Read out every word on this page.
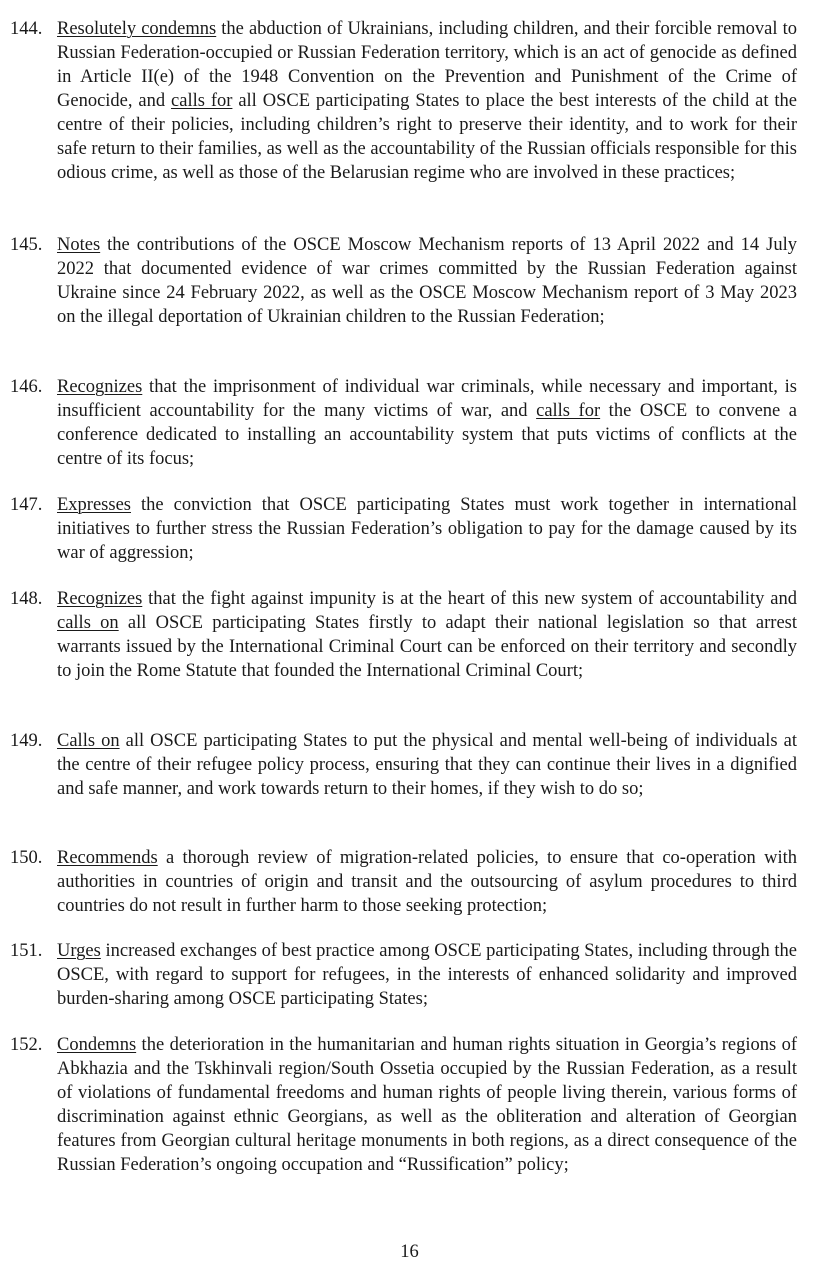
144. Resolutely condemns the abduction of Ukrainians, including children, and their forcible removal to Russian Federation-occupied or Russian Federation territory, which is an act of genocide as defined in Article II(e) of the 1948 Convention on the Prevention and Punishment of the Crime of Genocide, and calls for all OSCE participating States to place the best interests of the child at the centre of their policies, including children’s right to preserve their identity, and to work for their safe return to their families, as well as the accountability of the Russian officials responsible for this odious crime, as well as those of the Belarusian regime who are involved in these practices;
145. Notes the contributions of the OSCE Moscow Mechanism reports of 13 April 2022 and 14 July 2022 that documented evidence of war crimes committed by the Russian Federation against Ukraine since 24 February 2022, as well as the OSCE Moscow Mechanism report of 3 May 2023 on the illegal deportation of Ukrainian children to the Russian Federation;
146. Recognizes that the imprisonment of individual war criminals, while necessary and important, is insufficient accountability for the many victims of war, and calls for the OSCE to convene a conference dedicated to installing an accountability system that puts victims of conflicts at the centre of its focus;
147. Expresses the conviction that OSCE participating States must work together in international initiatives to further stress the Russian Federation’s obligation to pay for the damage caused by its war of aggression;
148. Recognizes that the fight against impunity is at the heart of this new system of accountability and calls on all OSCE participating States firstly to adapt their national legislation so that arrest warrants issued by the International Criminal Court can be enforced on their territory and secondly to join the Rome Statute that founded the International Criminal Court;
149. Calls on all OSCE participating States to put the physical and mental well-being of individuals at the centre of their refugee policy process, ensuring that they can continue their lives in a dignified and safe manner, and work towards return to their homes, if they wish to do so;
150. Recommends a thorough review of migration-related policies, to ensure that co-operation with authorities in countries of origin and transit and the outsourcing of asylum procedures to third countries do not result in further harm to those seeking protection;
151. Urges increased exchanges of best practice among OSCE participating States, including through the OSCE, with regard to support for refugees, in the interests of enhanced solidarity and improved burden-sharing among OSCE participating States;
152. Condemns the deterioration in the humanitarian and human rights situation in Georgia’s regions of Abkhazia and the Tskhinvali region/South Ossetia occupied by the Russian Federation, as a result of violations of fundamental freedoms and human rights of people living therein, various forms of discrimination against ethnic Georgians, as well as the obliteration and alteration of Georgian features from Georgian cultural heritage monuments in both regions, as a direct consequence of the Russian Federation’s ongoing occupation and “Russification” policy;
16
